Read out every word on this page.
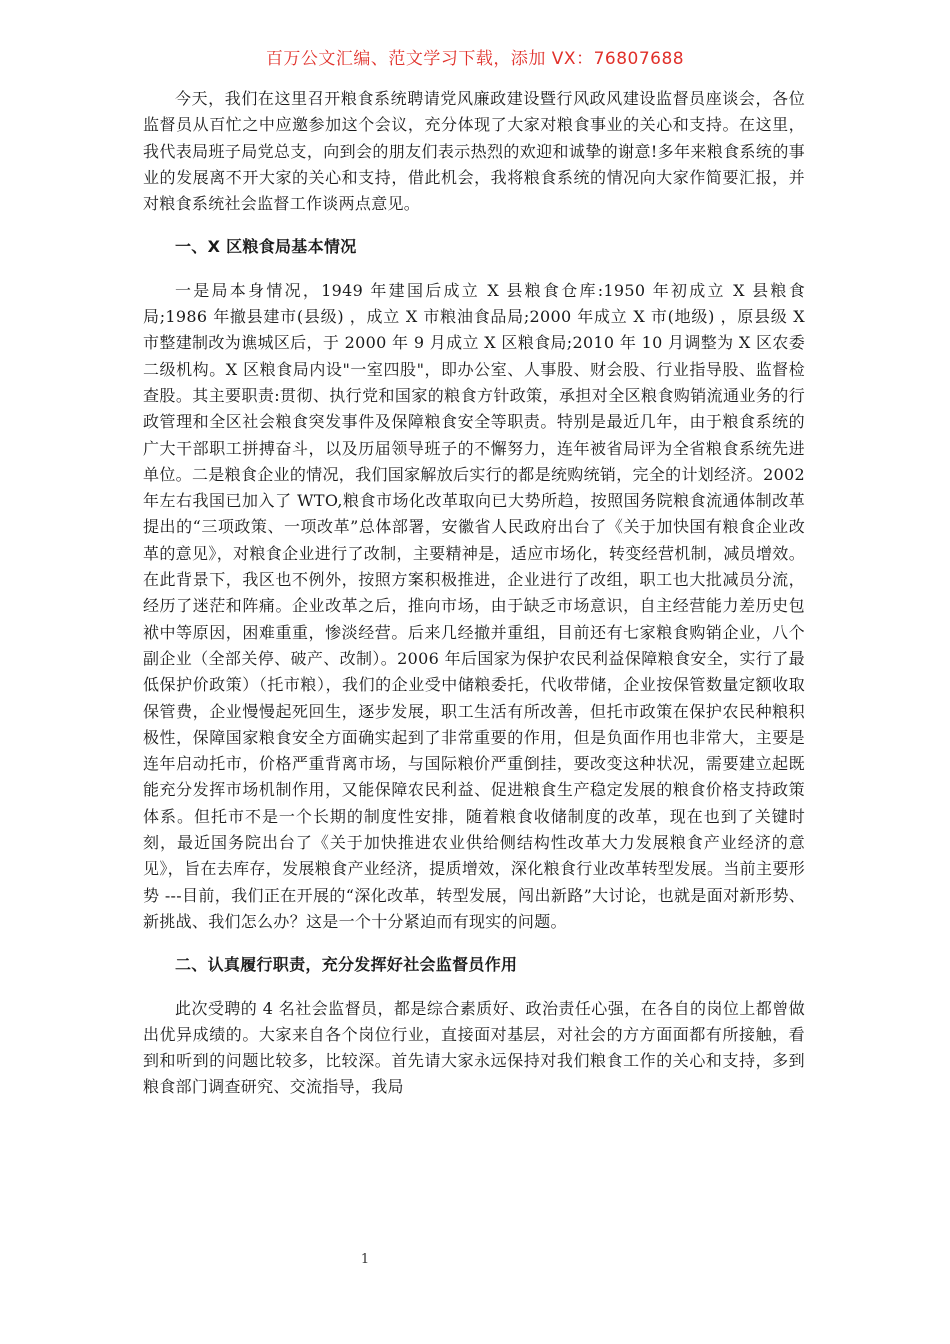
百万公文汇编、范文学习下载，添加 VX：76807688

今天，我们在这里召开粮食系统聘请党风廉政建设暨行风政风建设监督员座谈会，各位监督员从百忙之中应邀参加这个会议，充分体现了大家对粮食事业的关心和支持。在这里，我代表局班子局党总支，向到会的朋友们表示热烈的欢迎和诚挚的谢意!多年来粮食系统的事业的发展离不开大家的关心和支持，借此机会，我将粮食系统的情况向大家作简要汇报，并对粮食系统社会监督工作谈两点意见。

一、X 区粮食局基本情况

一是局本身情况，1949 年建国后成立 X 县粮食仓库:1950 年初成立 X 县粮食局;1986 年撤县建市(县级) ，成立 X 市粮油食品局;2000 年成立 X 市(地级) ，原县级 X 市整建制改为谯城区后，于 2000 年 9 月成立 X 区粮食局;2010 年 10 月调整为 X 区农委二级机构。X 区粮食局内设"一室四股"，即办公室、人事股、财会股、行业指导股、监督检查股。其主要职责:贯彻、执行党和国家的粮食方针政策，承担对全区粮食购销流通业务的行政管理和全区社会粮食突发事件及保障粮食安全等职责。特别是最近几年，由于粮食系统的广大干部职工拼搏奋斗，以及历届领导班子的不懈努力，连年被省局评为全省粮食系统先进单位。二是粮食企业的情况，我们国家解放后实行的都是统购统销，完全的计划经济。2002 年左右我国已加入了 WTO,粮食市场化改革取向已大势所趋，按照国务院粮食流通体制改革提出的“三项政策、一项改革”总体部署，安徽省人民政府出台了《关于加快国有粮食企业改革的意见》，对粮食企业进行了改制，主要精神是，适应市场化，转变经营机制，减员增效。在此背景下，我区也不例外，按照方案积极推进，企业进行了改组，职工也大批减员分流，经历了迷茫和阵痛。企业改革之后，推向市场，由于缺乏市场意识，自主经营能力差历史包袱中等原因，困难重重，惨淡经营。后来几经撤并重组，目前还有七家粮食购销企业，八个副企业（全部关停、破产、改制）。2006 年后国家为保护农民利益保障粮食安全，实行了最低保护价政策）（托市粮），我们的企业受中储粮委托，代收带储，企业按保管数量定额收取保管费，企业慢慢起死回生，逐步发展，职工生活有所改善，但托市政策在保护农民种粮积极性，保障国家粮食安全方面确实起到了非常重要的作用，但是负面作用也非常大，主要是连年启动托市，价格严重背离市场，与国际粮价严重倒挂，要改变这种状况，需要建立起既能充分发挥市场机制作用，又能保障农民利益、促进粮食生产稳定发展的粮食价格支持政策体系。但托市不是一个长期的制度性安排，随着粮食收储制度的改革，现在也到了关键时刻，最近国务院出台了《关于加快推进农业供给侧结构性改革大力发展粮食产业经济的意见》，旨在去库存，发展粮食产业经济，提质增效，深化粮食行业改革转型发展。当前主要形势 ---目前，我们正在开展的“深化改革，转型发展，闯出新路”大讨论，也就是面对新形势、新挑战、我们怎么办？这是一个十分紧迫而有现实的问题。

二、认真履行职责，充分发挥好社会监督员作用

此次受聘的 4 名社会监督员，都是综合素质好、政治责任心强，在各自的岗位上都曾做出优异成绩的。大家来自各个岗位行业，直接面对基层，对社会的方方面面都有所接触，看到和听到的问题比较多，比较深。首先请大家永远保持对我们粮食工作的关心和支持，多到粮食部门调查研究、交流指导，我局

1
